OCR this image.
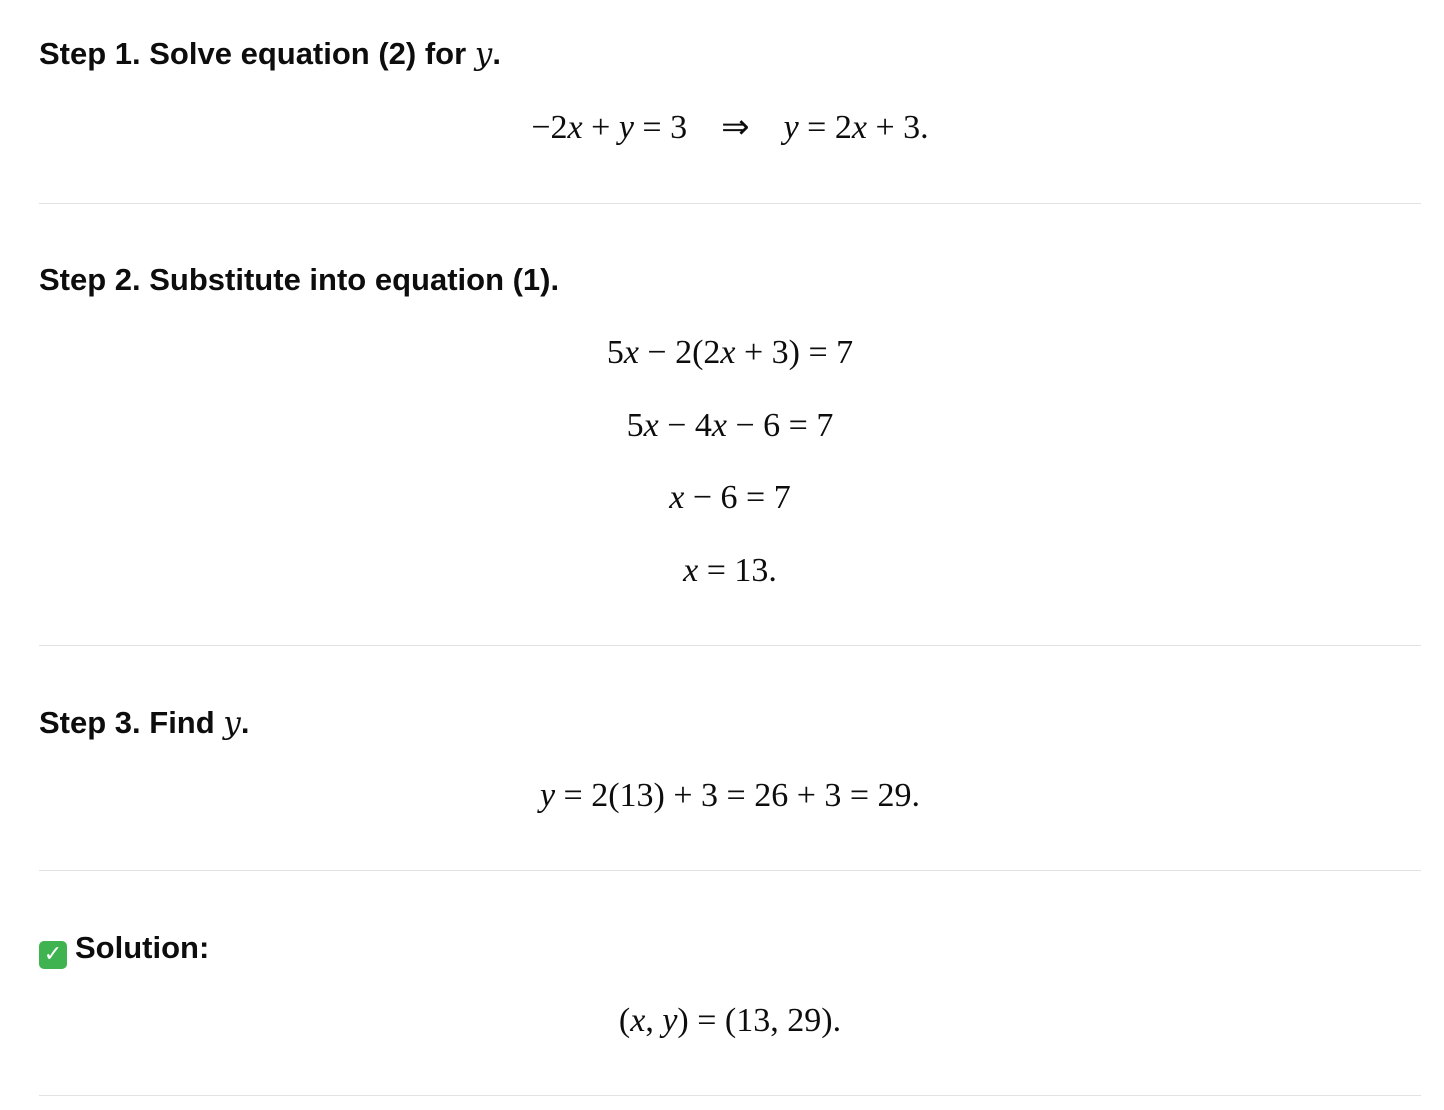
Step 1. Solve equation (2) for y.
−2x + y = 3    ⇒    y = 2x + 3.
Step 2. Substitute into equation (1).
5x − 2(2x + 3) = 7
5x − 4x − 6 = 7
x − 6 = 7
x = 13.
Step 3. Find y.
y = 2(13) + 3 = 26 + 3 = 29.
✓ Solution:
(x, y) = (13, 29).
